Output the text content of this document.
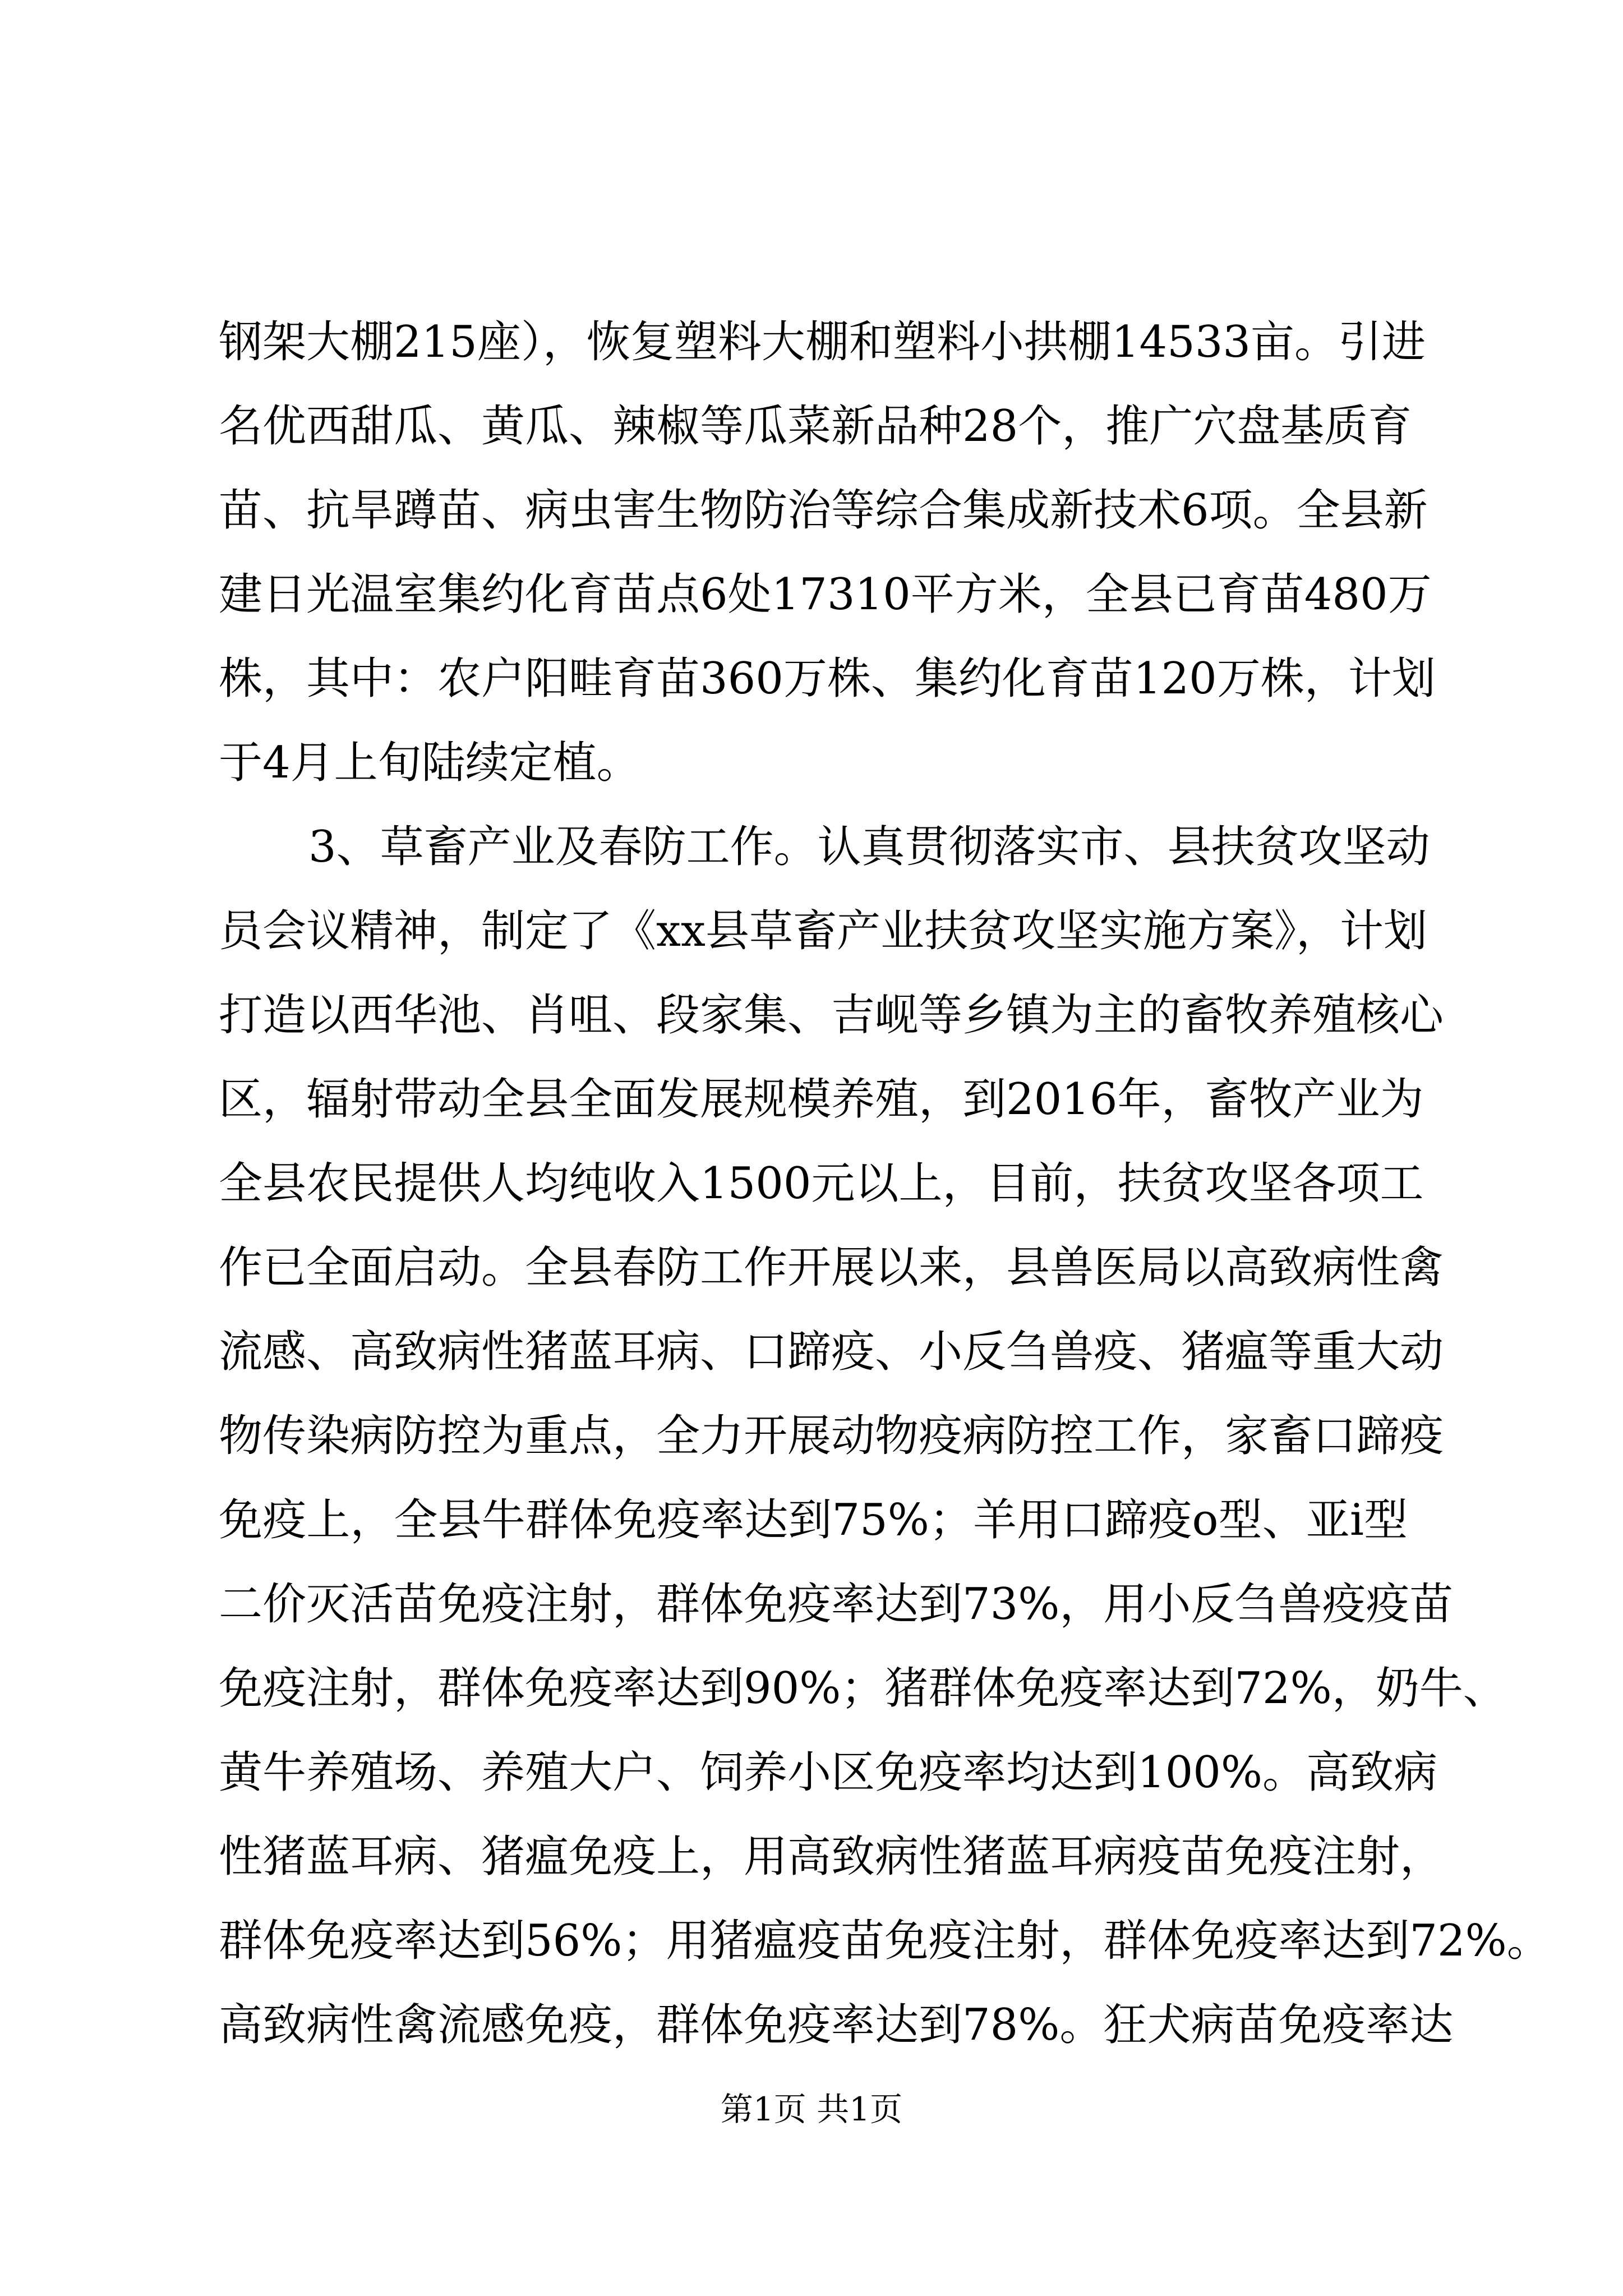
钢架大棚215座），恢复塑料大棚和塑料小拱棚14533亩。引进
名优西甜瓜、黄瓜、辣椒等瓜菜新品种28个，推广穴盘基质育
苗、抗旱蹲苗、病虫害生物防治等综合集成新技术6项。全县新
建日光温室集约化育苗点6处17310平方米，全县已育苗480万
株，其中：农户阳畦育苗360万株、集约化育苗120万株，计划
于4月上旬陆续定植。
3、草畜产业及春防工作。认真贯彻落实市、县扶贫攻坚动
员会议精神，制定了《xx县草畜产业扶贫攻坚实施方案》，计划
打造以西华池、肖咀、段家集、吉岘等乡镇为主的畜牧养殖核心
区，辐射带动全县全面发展规模养殖，到2016年，畜牧产业为
全县农民提供人均纯收入1500元以上，目前，扶贫攻坚各项工
作已全面启动。全县春防工作开展以来，县兽医局以高致病性禽
流感、高致病性猪蓝耳病、口蹄疫、小反刍兽疫、猪瘟等重大动
物传染病防控为重点，全力开展动物疫病防控工作，家畜口蹄疫
免疫上，全县牛群体免疫率达到75%；羊用口蹄疫o型、亚i型
二价灭活苗免疫注射，群体免疫率达到73%，用小反刍兽疫疫苗
免疫注射，群体免疫率达到90%；猪群体免疫率达到72%，奶牛、
黄牛养殖场、养殖大户、饲养小区免疫率均达到100%。高致病
性猪蓝耳病、猪瘟免疫上，用高致病性猪蓝耳病疫苗免疫注射，
群体免疫率达到56%；用猪瘟疫苗免疫注射，群体免疫率达到72%。
高致病性禽流感免疫，群体免疫率达到78%。狂犬病苗免疫率达
第1页 共1页
